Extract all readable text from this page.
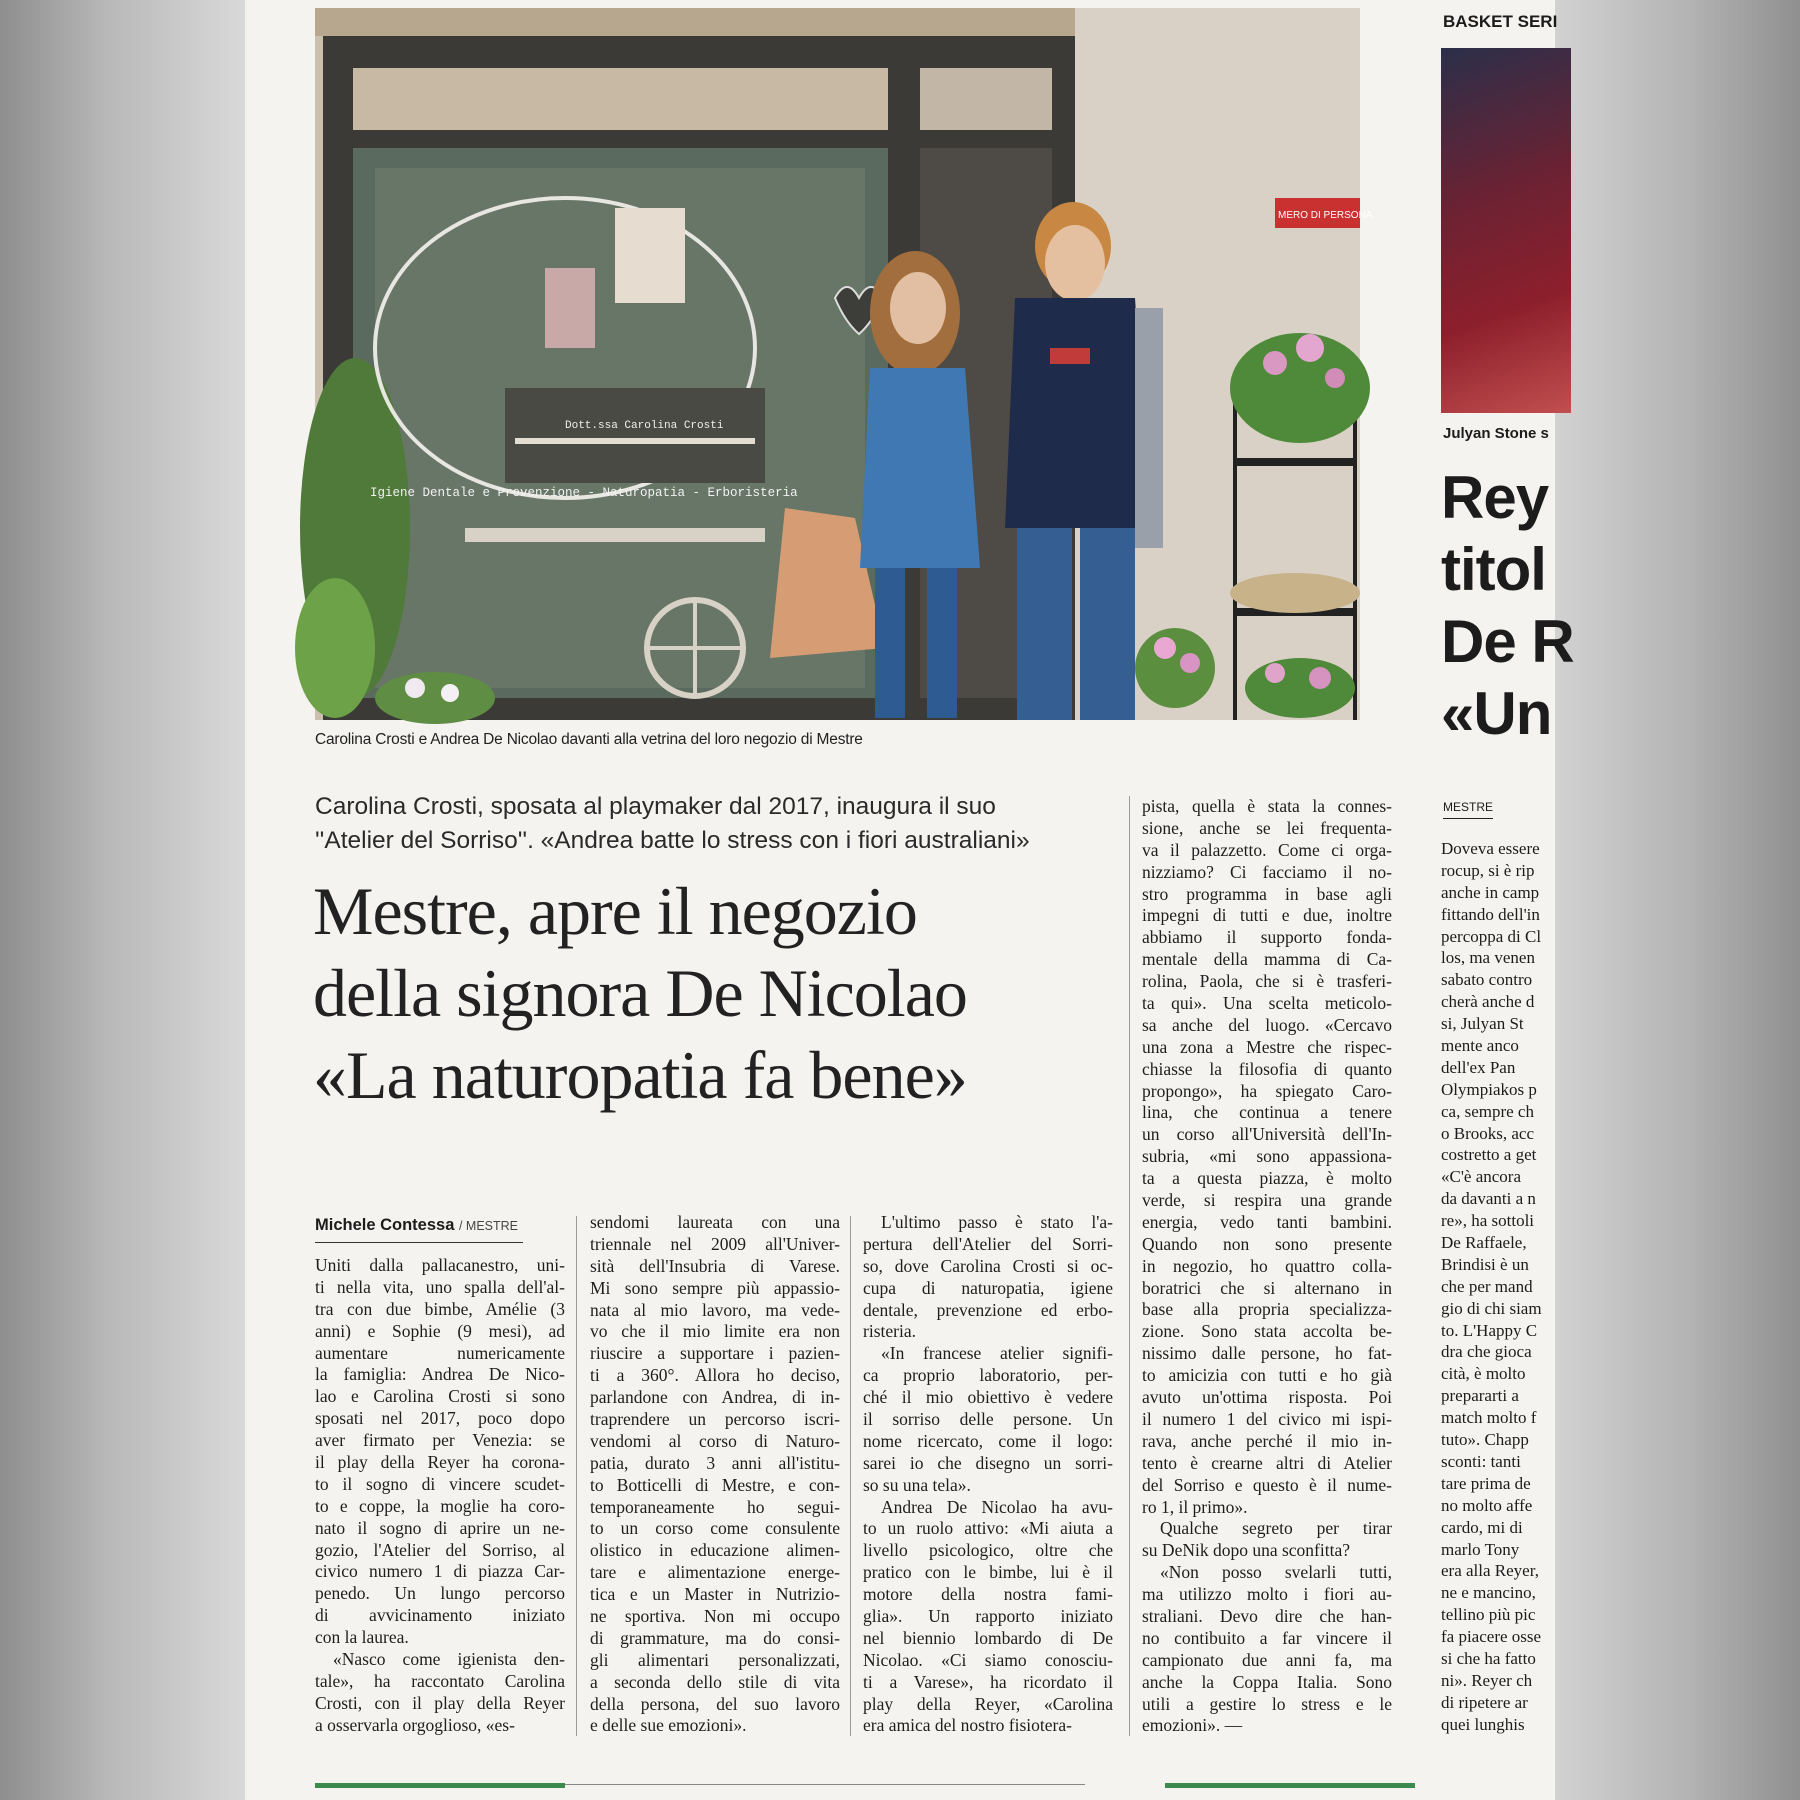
Dott.ssa Carolina Crosti
Igiene Dentale e Prevenzione - Naturopatia - Erboristeria
MERO DI PERSONA
Carolina Crosti e Andrea De Nicolao davanti alla vetrina del loro negozio di Mestre
Carolina Crosti, sposata al playmaker dal 2017, inaugura il suo
''Atelier del Sorriso''. «Andrea batte lo stress con i fiori australiani»
Mestre, apre il negozio
della signora De Nicolao
«La naturopatia fa bene»
Michele Contessa / MESTRE
Uniti dalla pallacanestro, uni-
ti nella vita, uno spalla dell'al-
tra con due bimbe, Amélie (3
anni) e Sophie (9 mesi), ad
aumentare numericamente
la famiglia: Andrea De Nico-
lao e Carolina Crosti si sono
sposati nel 2017, poco dopo
aver firmato per Venezia: se
il play della Reyer ha corona-
to il sogno di vincere scudet-
to e coppe, la moglie ha coro-
nato il sogno di aprire un ne-
gozio, l'Atelier del Sorriso, al
civico numero 1 di piazza Car-
penedo. Un lungo percorso
di avvicinamento iniziato
con la laurea.
«Nasco come igienista den-
tale», ha raccontato Carolina
Crosti, con il play della Reyer
a osservarla orgoglioso, «es-
sendomi laureata con una
triennale nel 2009 all'Univer-
sità dell'Insubria di Varese.
Mi sono sempre più appassio-
nata al mio lavoro, ma vede-
vo che il mio limite era non
riuscire a supportare i pazien-
ti a 360°. Allora ho deciso,
parlandone con Andrea, di in-
traprendere un percorso iscri-
vendomi al corso di Naturo-
patia, durato 3 anni all'istitu-
to Botticelli di Mestre, e con-
temporaneamente ho segui-
to un corso come consulente
olistico in educazione alimen-
tare e alimentazione energe-
tica e un Master in Nutrizio-
ne sportiva. Non mi occupo
di grammature, ma do consi-
gli alimentari personalizzati,
a seconda dello stile di vita
della persona, del suo lavoro
e delle sue emozioni».
L'ultimo passo è stato l'a-
pertura dell'Atelier del Sorri-
so, dove Carolina Crosti si oc-
cupa di naturopatia, igiene
dentale, prevenzione ed erbo-
risteria.
«In francese atelier signifi-
ca proprio laboratorio, per-
ché il mio obiettivo è vedere
il sorriso delle persone. Un
nome ricercato, come il logo:
sarei io che disegno un sorri-
so su una tela».
Andrea De Nicolao ha avu-
to un ruolo attivo: «Mi aiuta a
livello psicologico, oltre che
pratico con le bimbe, lui è il
motore della nostra fami-
glia». Un rapporto iniziato
nel biennio lombardo di De
Nicolao. «Ci siamo conosciu-
ti a Varese», ha ricordato il
play della Reyer, «Carolina
era amica del nostro fisiotera-
pista, quella è stata la connes-
sione, anche se lei frequenta-
va il palazzetto. Come ci orga-
nizziamo? Ci facciamo il no-
stro programma in base agli
impegni di tutti e due, inoltre
abbiamo il supporto fonda-
mentale della mamma di Ca-
rolina, Paola, che si è trasferi-
ta qui». Una scelta meticolo-
sa anche del luogo. «Cercavo
una zona a Mestre che rispec-
chiasse la filosofia di quanto
propongo», ha spiegato Caro-
lina, che continua a tenere
un corso all'Università dell'In-
subria, «mi sono appassiona-
ta a questa piazza, è molto
verde, si respira una grande
energia, vedo tanti bambini.
Quando non sono presente
in negozio, ho quattro colla-
boratrici che si alternano in
base alla propria specializza-
zione. Sono stata accolta be-
nissimo dalle persone, ho fat-
to amicizia con tutti e ho già
avuto un'ottima risposta. Poi
il numero 1 del civico mi ispi-
rava, anche perché il mio in-
tento è crearne altri di Atelier
del Sorriso e questo è il nume-
ro 1, il primo».
Qualche segreto per tirar
su DeNik dopo una sconfitta?
«Non posso svelarli tutti,
ma utilizzo molto i fiori au-
straliani. Devo dire che han-
no contibuito a far vincere il
campionato due anni fa, ma
anche la Coppa Italia. Sono
utili a gestire lo stress e le
emozioni». —
BASKET SERI
Julyan Stone s
Rey
titol
De R
«Un
MESTRE
Doveva essere
rocup, si è rip
anche in camp
fittando dell'in
percoppa di Cl
los, ma venen
sabato contro
cherà anche d
si, Julyan St
mente anco
dell'ex Pan
Olympiakos p
ca, sempre ch
o Brooks, acc
costretto a get
«C'è ancora
da davanti a n
re», ha sottoli
De Raffaele,
Brindisi è un
che per mand
gio di chi siam
to. L'Happy C
dra che gioca
cità, è molto
prepararti a
match molto f
tuto». Chapp
sconti: tanti
tare prima de
no molto affe
cardo, mi di
marlo Tony
era alla Reyer,
ne e mancino,
tellino più pic
fa piacere osse
si che ha fatto
ni». Reyer ch
di ripetere ar
quei lunghis
